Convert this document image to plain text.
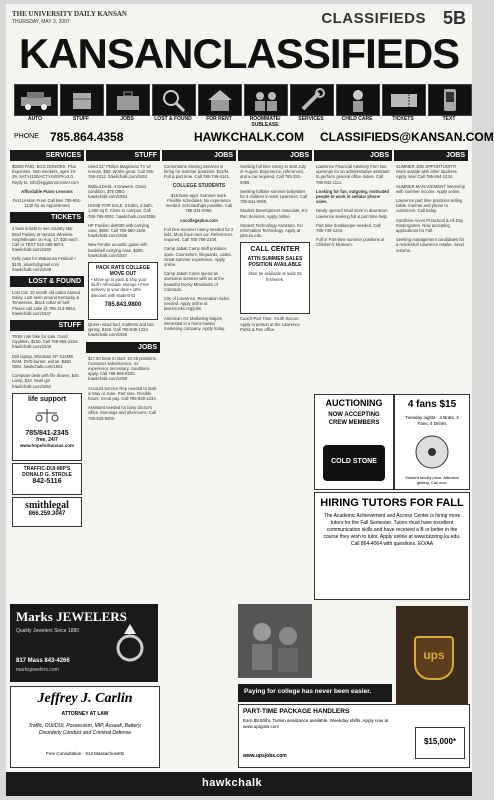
THE UNIVERSITY DAILY KANSAN
THURSDAY, MAY 3, 2007	CLASSIFIEDS 5B
KANSANCLASSIFIEDS
AUTO	STUFF	JOBS	LOST & FOUND	FOR RENT	ROOMMATE/ SUBLEASE
SERVICES	CHILD CARE	TICKETS	TEXT
PHONE 785.864.4358	HAWKCHALK.COM CLASSIFIEDS@KANSAN.COM
SERVICES
$5000 PAID. EGG DONORS. Plus Expenses. Non-smokers, ages 19-29, SAT>1100/ACT>24/GPA>3.0. Reply to: info@eggdonorcenter.com
Affordable Piano Lessons
First Lesson Free! Call Ben 785-691-1140 for an Appointment
TICKETS
2 lawn tickets to see country star Brad Paisley at Verizon Wireless Amphitheater on Aug. 17. $30 each. Call or TEXT 816-365-8674. hawkchalk.com/1550
Kelly pass for Wakarusa Festival + $135. jslumb@gmail.com hawkchalk.com/1548
LOST & FOUND
Lost Cat: 10 month old calico named Daisy. Last seen around Kentucky & Tennessee. Black collar w/ bell. Please call Jake @ 785-313-5554. hawkchalk.com/1547
STUFF
TREK mtn bike for sale. Good condition. $150. Call 785-865-1234. hawkchalk.com/1549
Dell laptop, Windows XP, 512MB RAM, DVD burner, extras. $450 OBO. hawkchalk.com/1551
Computer desk with file drawer, $40. Lamp, $10. Must go! hawkchalk.com/1552
life support
785/841-2345
free, 24/7
www.hopeforkansas.com
TRAFFIC-DUI-MIP'S
DONALD G. STROLE
842-5116
smithlegal
866.259.3047
Marks JEWELERS
Quality Jewelers Since 1880
817 Mass 843-4266
marksjewelers.com
Jeffrey J. Carlin
ATTORNEY AT LAW
Traffic, DUI/DUI, Possession, MIP, Assault, Battery, Disorderly Conduct and Criminal Defense
Free Consultation · 814 Massachusetts
STUFF
Used 21" Philips Magnavox TV w/ remote, $50. Works great. Call 785-766-4312. hawkchalk.com/1553
Walnut Desk. 4 Drawers. Great condition. $75 OBO. hawkchalk.com/1554
HOME FOR SALE. 3 bdrm, 2 bath, 1,500 sq ft. Close to campus. Call 785-766-0001. hawkchalk.com/1555
HP Pavilion dv6000 with carrying case, $800. Call 785-550-1189. hawkchalk.com/1556
New Fender acoustic guitar with hardshell carrying case. $200. hawkchalk.com/1557
PACK RATS COLLEGE MOVE OUT
• Move up to pack & ship your stuff • Affordable storage • Free delivery to your door • 10% discount with student ID
785.843.9800
Queen sized bed, mattress and box spring, $150. Call 785-838-1234. hawkchalk.com/1558
JOBS
$17.50 base to start. 10-25 positions. Customer sales/service, no experience necessary, conditions apply. Call 785-865-8200. hawkchalk.com/1559
Account Service Rep needed to start in May or June. Part time. Flexible hours. Great pay. Call 785-838-1234.
Assistant needed for busy doctor's office. Mornings and afternoons. Call 785-843-5000.
JOBS
Cornerstone Moving Services is hiring for summer positions. $12/hr. Full & part time. Call 785-749-4141.
COLLEGE STUDENTS
$15 base-appt. Summer work. Flexible schedules. No experience needed. Scholarships possible. Call 785-331-0086.
cocollegeplus.com
Full time summer nanny needed for 2 kids. Must have own car. References required. Call 785-766-2100.
Camp Jabal! Camp staff positions open. Counselors, lifeguards, cooks. Great summer experience. Apply online.
Camp Jabel! Come spend an awesome summer with us at the beautiful Rocky Mountains of Colorado.
City of Lawrence. Recreation Aides needed. Apply online at lawrenceks.org/jobs.
American AG Marketing Majors interested in a home-based marketing company. Apply today.
JOBS
Seeking full time nanny to start July or August. Experience, references, and a car required. Call 785-331-0099.
Seeking fulltime summer babysitter for 3 children in west Lawrence. Call 785-841-0099.
Student Development Associate, KU Rec Services. Apply online.
Student Technology Assistant. KU Information Technology. Apply at jobs.ku.edu.
CALL CENTER
ATTN SUMMER SALES POSITION AVAILABLE
Must be available at least 25 hrs/week.
Coach-Part Time. Youth Soccer. Apply in person at the Lawrence Parks & Rec office.
JOBS
Lawrence Financial Advisory Firm has openings for an administrative assistant to perform general office duties. Call 785-842-1111.
Looking for fun, outgoing, motivated people to work in cellular phone sales.
Newly opened retail store in downtown Lawrence seeking full & part time help.
Part time bookkeeper needed. Call 785-749-1234.
Full or Part-time summer positions at Children's Museum.
JOBS
SUMMER JOB OPPORTUNITY! Work outside with other students. Apply now! Call 785-864-1234.
SUMMER MANAGEMENT internship with summer income. Apply online.
Lawrence part time positions selling cable, internet and phone to customers. Call today.
Sunshine Acres Preschool & All Day Kindergarten. Now accepting applications for Fall.
Seeking management candidates for a residential Lawrence retailer. Send resume.
AUCTIONING
NOW ACCEPTING CREW MEMBERS
COLD STONE
4 fans $15
Tuesday nights · 4 Brats, 4 Fans, 4 Drinks
Student faculty price. Attention getting. Call now.
HIRING TUTORS FOR FALL
The Academic Achievement and Access Center is hiring more tutors for the Fall Semester. Tutors must have excellent communication skills and have received a B or better in the course they wish to tutor. Apply online at www.tutoring.ku.edu. Call 864-4064 with questions. EO/AA
Paying for college has never been easier.
ups
PART-TIME PACKAGE HANDLERS
Earn $8.50/hr. Tuition assistance available. Weekday shifts. Apply now at www.upsjobs.com
www.upsjobs.com
$15,000*
hawkchalk
